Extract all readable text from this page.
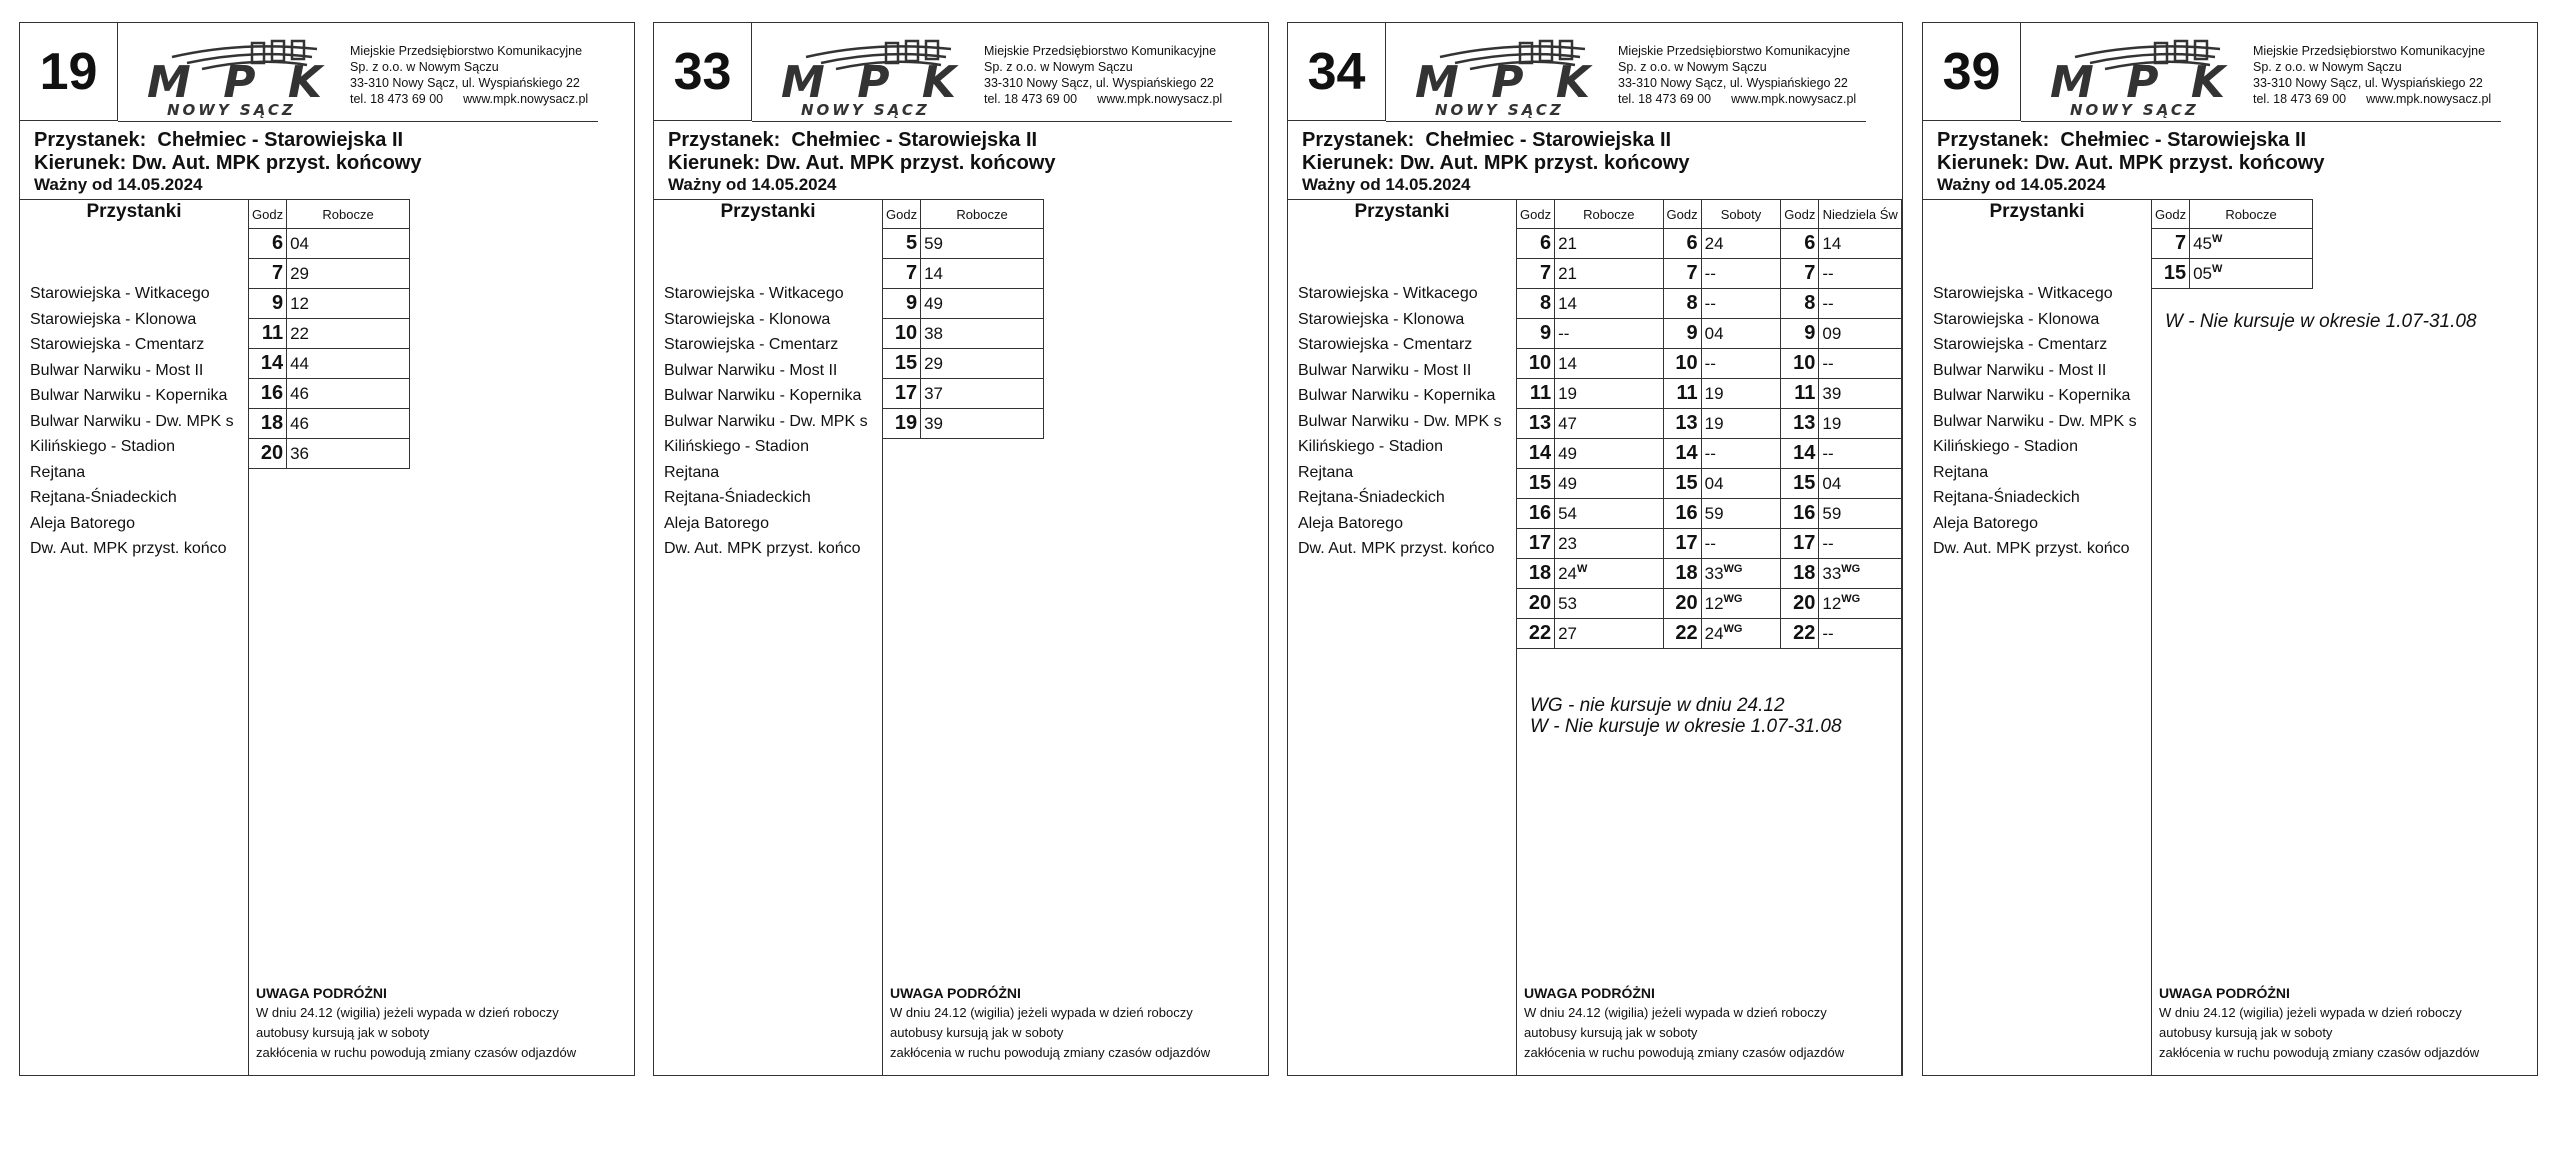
19	MPK
NOWY SĄCZ
Miejskie Przedsiębiorstwo Komunikacyjne
Sp. z o.o. w Nowym Sączu
33-310 Nowy Sącz, ul. Wyspiańskiego 22
tel. 18 473 69 00 www.mpk.nowysacz.pl
Przystanek: Chełmiec - Starowiejska II
Kierunek: Dw. Aut. MPK przyst. końcowy
Ważny od 14.05.2024
Przystanki
Starowiejska - Witkacego
Starowiejska - Klonowa
Starowiejska - Cmentarz
Bulwar Narwiku - Most II
Bulwar Narwiku - Kopernika
Bulwar Narwiku - Dw. MPK s
Kilińskiego - Stadion
Rejtana
Rejtana-Śniadeckich
Aleja Batorego
Dw. Aut. MPK przyst. końco
Godz	Robocze
6	04
7	29
9	12
11	22
14	44
16	46
18	46
20	36
UWAGA PODRÓŻNI
W dniu 24.12 (wigilia) jeżeli wypada w dzień roboczy
autobusy kursują jak w soboty
zakłócenia w ruchu powodują zmiany czasów odjazdów
33	MPK
NOWY SĄCZ
Miejskie Przedsiębiorstwo Komunikacyjne
Sp. z o.o. w Nowym Sączu
33-310 Nowy Sącz, ul. Wyspiańskiego 22
tel. 18 473 69 00 www.mpk.nowysacz.pl
Przystanek: Chełmiec - Starowiejska II
Kierunek: Dw. Aut. MPK przyst. końcowy
Ważny od 14.05.2024
Przystanki
Starowiejska - Witkacego
Starowiejska - Klonowa
Starowiejska - Cmentarz
Bulwar Narwiku - Most II
Bulwar Narwiku - Kopernika
Bulwar Narwiku - Dw. MPK s
Kilińskiego - Stadion
Rejtana
Rejtana-Śniadeckich
Aleja Batorego
Dw. Aut. MPK przyst. końco
Godz	Robocze
5	59
7	14
9	49
10	38
15	29
17	37
19	39
UWAGA PODRÓŻNI
W dniu 24.12 (wigilia) jeżeli wypada w dzień roboczy
autobusy kursują jak w soboty
zakłócenia w ruchu powodują zmiany czasów odjazdów
34	MPK
NOWY SĄCZ
Miejskie Przedsiębiorstwo Komunikacyjne
Sp. z o.o. w Nowym Sączu
33-310 Nowy Sącz, ul. Wyspiańskiego 22
tel. 18 473 69 00 www.mpk.nowysacz.pl
Przystanek: Chełmiec - Starowiejska II
Kierunek: Dw. Aut. MPK przyst. końcowy
Ważny od 14.05.2024
Przystanki
Starowiejska - Witkacego
Starowiejska - Klonowa
Starowiejska - Cmentarz
Bulwar Narwiku - Most II
Bulwar Narwiku - Kopernika
Bulwar Narwiku - Dw. MPK s
Kilińskiego - Stadion
Rejtana
Rejtana-Śniadeckich
Aleja Batorego
Dw. Aut. MPK przyst. końco
Godz	Robocze	Godz	Soboty	Godz	Niedziela Św
6	21	6	24	6	14
7	21	7	--	7	--
8	14	8	--	8	--
9	--	9	04	9	09
10	14	10	--	10	--
11	19	11	19	11	39
13	47	13	19	13	19
14	49	14	--	14	--
15	49	15	04	15	04
16	54	16	59	16	59
17	23	17	--	17	--
18	$24^W$	18	$33^{WG}$	18	$33^{WG}$
20	53	20	$12^{WG}$	20	$12^{WG}$
22	27	22	$24^{WG}$	22	--
UWAGA PODRÓŻNI
W dniu 24.12 (wigilia) jeżeli wypada w dzień roboczy
autobusy kursują jak w soboty
zakłócenia w ruchu powodują zmiany czasów odjazdów
WG - nie kursuje w dniu 24.12
W - Nie kursuje w okresie 1.07-31.08
39	MPK
NOWY SĄCZ
Miejskie Przedsiębiorstwo Komunikacyjne
Sp. z o.o. w Nowym Sączu
33-310 Nowy Sącz, ul. Wyspiańskiego 22
tel. 18 473 69 00 www.mpk.nowysacz.pl
Przystanek: Chełmiec - Starowiejska II
Kierunek: Dw. Aut. MPK przyst. końcowy
Ważny od 14.05.2024
Przystanki
Starowiejska - Witkacego
Starowiejska - Klonowa
Starowiejska - Cmentarz
Bulwar Narwiku - Most II
Bulwar Narwiku - Kopernika
Bulwar Narwiku - Dw. MPK s
Kilińskiego - Stadion
Rejtana
Rejtana-Śniadeckich
Aleja Batorego
Dw. Aut. MPK przyst. końco
Godz	Robocze
7	$45^W$
15	$05^W$
UWAGA PODRÓŻNI
W dniu 24.12 (wigilia) jeżeli wypada w dzień roboczy
autobusy kursują jak w soboty
zakłócenia w ruchu powodują zmiany czasów odjazdów
W - Nie kursuje w okresie 1.07-31.08
